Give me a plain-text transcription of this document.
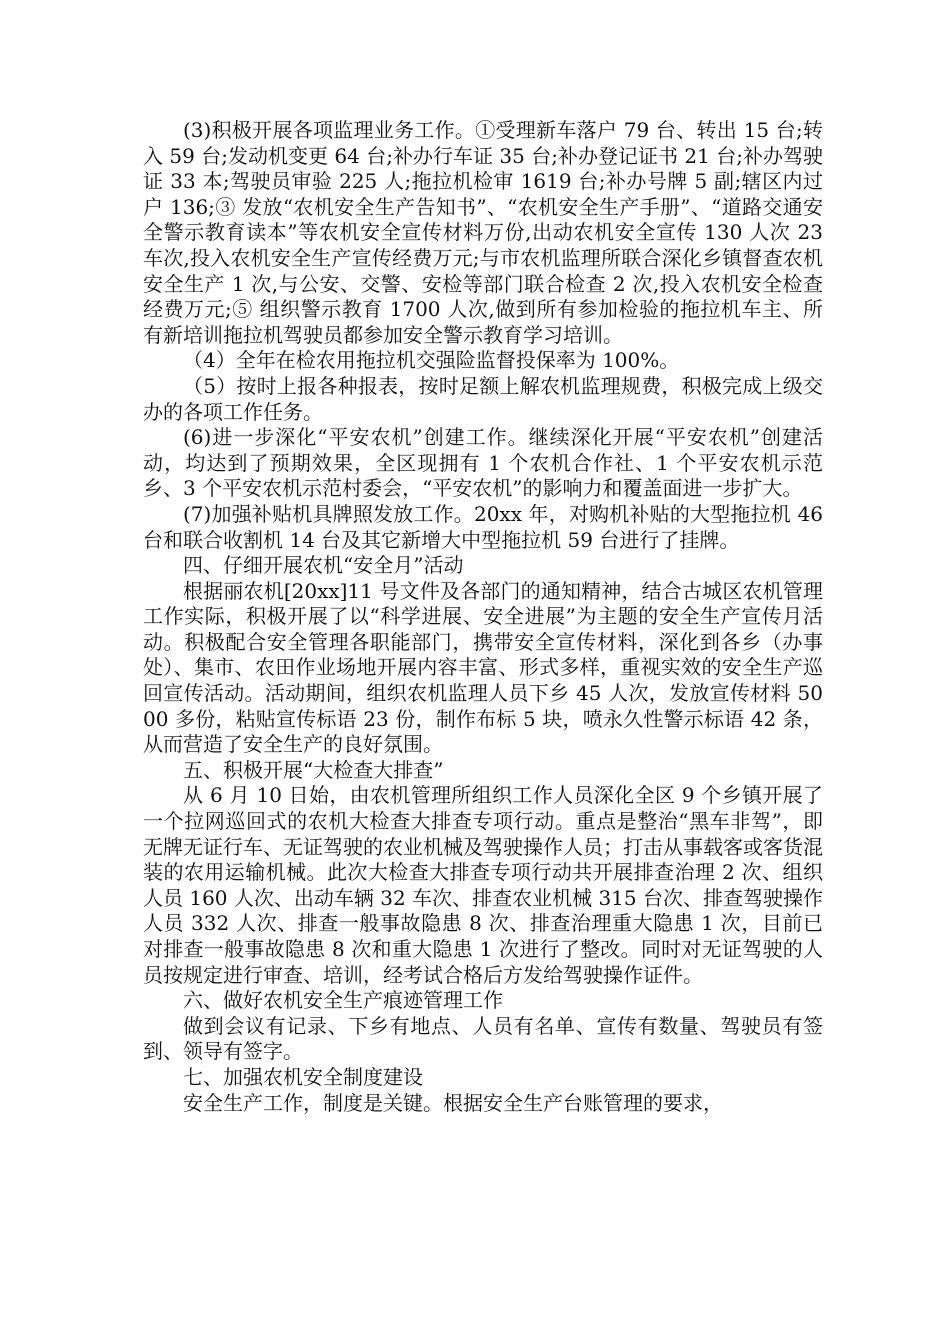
(3)积极开展各项监理业务工作。①受理新车落户 79 台、转出 15 台;转入 59 台;发动机变更 64 台;补办行车证 35 台;补办登记证书 21 台;补办驾驶证 33 本;驾驶员审验 225 人;拖拉机检审 1619 台;补办号牌 5 副;辖区内过户 136;③ 发放“农机安全生产告知书”、“农机安全生产手册”、“道路交通安全警示教育读本”等农机安全宣传材料万份,出动农机安全宣传 130 人次 23 车次,投入农机安全生产宣传经费万元;与市农机监理所联合深化乡镇督查农机安全生产 1 次,与公安、交警、安检等部门联合检查 2 次,投入农机安全检查经费万元;⑤ 组织警示教育 1700 人次,做到所有参加检验的拖拉机车主、所有新培训拖拉机驾驶员都参加安全警示教育学习培训。

（4）全年在检农用拖拉机交强险监督投保率为 100%。

（5）按时上报各种报表，按时足额上解农机监理规费，积极完成上级交办的各项工作任务。

(6)进一步深化“平安农机”创建工作。继续深化开展“平安农机”创建活动，均达到了预期效果，全区现拥有 1 个农机合作社、1 个平安农机示范乡、3 个平安农机示范村委会，“平安农机”的影响力和覆盖面进一步扩大。

(7)加强补贴机具牌照发放工作。20xx 年，对购机补贴的大型拖拉机 46 台和联合收割机 14 台及其它新增大中型拖拉机 59 台进行了挂牌。

四、仔细开展农机“安全月”活动

根据丽农机[20xx]11 号文件及各部门的通知精神，结合古城区农机管理工作实际，积极开展了以“科学进展、安全进展”为主题的安全生产宣传月活动。积极配合安全管理各职能部门，携带安全宣传材料，深化到各乡（办事处）、集市、农田作业场地开展内容丰富、形式多样，重视实效的安全生产巡回宣传活动。活动期间，组织农机监理人员下乡 45 人次，发放宣传材料 5000 多份，粘贴宣传标语 23 份，制作布标 5 块，喷永久性警示标语 42 条，从而营造了安全生产的良好氛围。

五、积极开展“大检查大排查”

从 6 月 10 日始，由农机管理所组织工作人员深化全区 9 个乡镇开展了一个拉网巡回式的农机大检查大排查专项行动。重点是整治“黑车非驾”，即无牌无证行车、无证驾驶的农业机械及驾驶操作人员；打击从事载客或客货混装的农用运输机械。此次大检查大排查专项行动共开展排查治理 2 次、组织人员 160 人次、出动车辆 32 车次、排查农业机械 315 台次、排查驾驶操作人员 332 人次、排查一般事故隐患 8 次、排查治理重大隐患 1 次，目前已对排查一般事故隐患 8 次和重大隐患 1 次进行了整改。同时对无证驾驶的人员按规定进行审查、培训，经考试合格后方发给驾驶操作证件。

六、做好农机安全生产痕迹管理工作

做到会议有记录、下乡有地点、人员有名单、宣传有数量、驾驶员有签到、领导有签字。

七、加强农机安全制度建设

安全生产工作，制度是关键。根据安全生产台账管理的要求，
